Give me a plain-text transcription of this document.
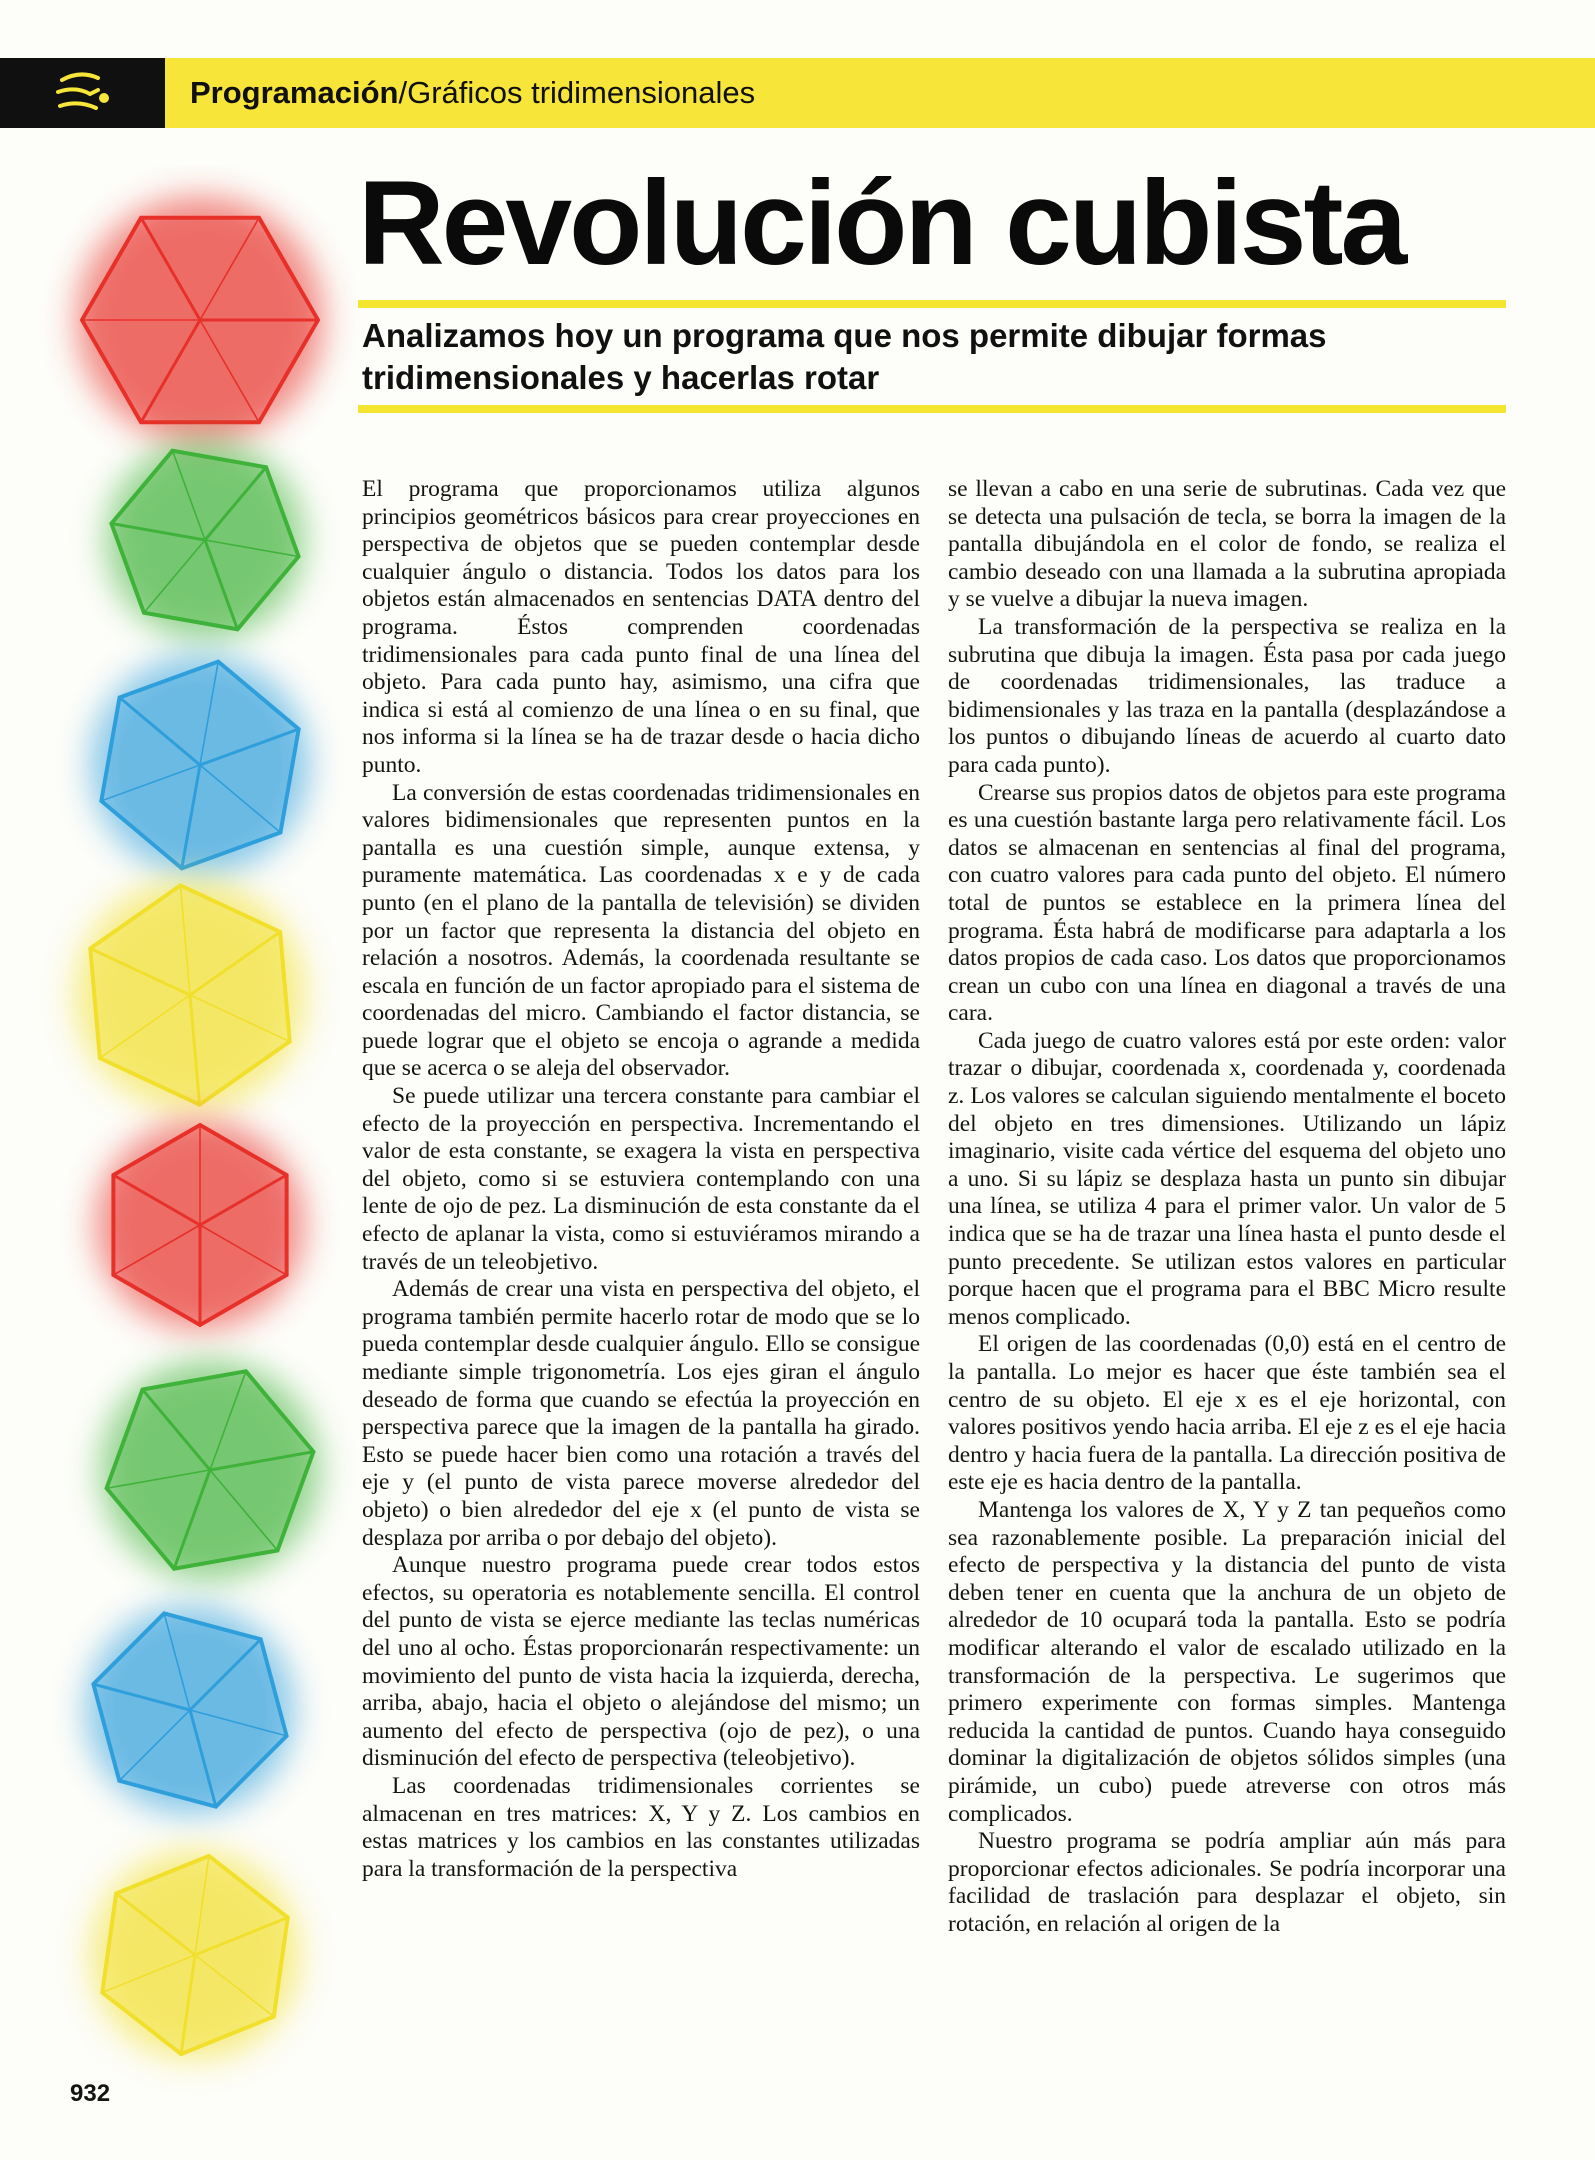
Programación/Gráficos tridimensionales
Revolución cubista

Analizamos hoy un programa que nos permite dibujar formas tridimensionales y hacerlas rotar

El programa que proporcionamos utiliza algunos principios geométricos básicos para crear proyecciones en perspectiva de objetos que se pueden contemplar desde cualquier ángulo o distancia. Todos los datos para los objetos están almacenados en sentencias DATA dentro del programa. Éstos comprenden coordenadas tridimensionales para cada punto final de una línea del objeto. Para cada punto hay, asimismo, una cifra que indica si está al comienzo de una línea o en su final, que nos informa si la línea se ha de trazar desde o hacia dicho punto.

La conversión de estas coordenadas tridimensionales en valores bidimensionales que representen puntos en la pantalla es una cuestión simple, aunque extensa, y puramente matemática. Las coordenadas x e y de cada punto (en el plano de la pantalla de televisión) se dividen por un factor que representa la distancia del objeto en relación a nosotros. Además, la coordenada resultante se escala en función de un factor apropiado para el sistema de coordenadas del micro. Cambiando el factor distancia, se puede lograr que el objeto se encoja o agrande a medida que se acerca o se aleja del observador.

Se puede utilizar una tercera constante para cambiar el efecto de la proyección en perspectiva. Incrementando el valor de esta constante, se exagera la vista en perspectiva del objeto, como si se estuviera contemplando con una lente de ojo de pez. La disminución de esta constante da el efecto de aplanar la vista, como si estuviéramos mirando a través de un teleobjetivo.

Además de crear una vista en perspectiva del objeto, el programa también permite hacerlo rotar de modo que se lo pueda contemplar desde cualquier ángulo. Ello se consigue mediante simple trigonometría. Los ejes giran el ángulo deseado de forma que cuando se efectúa la proyección en perspectiva parece que la imagen de la pantalla ha girado. Esto se puede hacer bien como una rotación a través del eje y (el punto de vista parece moverse alrededor del objeto) o bien alrededor del eje x (el punto de vista se desplaza por arriba o por debajo del objeto).

Aunque nuestro programa puede crear todos estos efectos, su operatoria es notablemente sencilla. El control del punto de vista se ejerce mediante las teclas numéricas del uno al ocho. Éstas proporcionarán respectivamente: un movimiento del punto de vista hacia la izquierda, derecha, arriba, abajo, hacia el objeto o alejándose del mismo; un aumento del efecto de perspectiva (ojo de pez), o una disminución del efecto de perspectiva (teleobjetivo).

Las coordenadas tridimensionales corrientes se almacenan en tres matrices: X, Y y Z. Los cambios en estas matrices y los cambios en las constantes utilizadas para la transformación de la perspectiva

se llevan a cabo en una serie de subrutinas. Cada vez que se detecta una pulsación de tecla, se borra la imagen de la pantalla dibujándola en el color de fondo, se realiza el cambio deseado con una llamada a la subrutina apropiada y se vuelve a dibujar la nueva imagen.

La transformación de la perspectiva se realiza en la subrutina que dibuja la imagen. Ésta pasa por cada juego de coordenadas tridimensionales, las traduce a bidimensionales y las traza en la pantalla (desplazándose a los puntos o dibujando líneas de acuerdo al cuarto dato para cada punto).

Crearse sus propios datos de objetos para este programa es una cuestión bastante larga pero relativamente fácil. Los datos se almacenan en sentencias al final del programa, con cuatro valores para cada punto del objeto. El número total de puntos se establece en la primera línea del programa. Ésta habrá de modificarse para adaptarla a los datos propios de cada caso. Los datos que proporcionamos crean un cubo con una línea en diagonal a través de una cara.

Cada juego de cuatro valores está por este orden: valor trazar o dibujar, coordenada x, coordenada y, coordenada z. Los valores se calculan siguiendo mentalmente el boceto del objeto en tres dimensiones. Utilizando un lápiz imaginario, visite cada vértice del esquema del objeto uno a uno. Si su lápiz se desplaza hasta un punto sin dibujar una línea, se utiliza 4 para el primer valor. Un valor de 5 indica que se ha de trazar una línea hasta el punto desde el punto precedente. Se utilizan estos valores en particular porque hacen que el programa para el BBC Micro resulte menos complicado.

El origen de las coordenadas (0,0) está en el centro de la pantalla. Lo mejor es hacer que éste también sea el centro de su objeto. El eje x es el eje horizontal, con valores positivos yendo hacia arriba. El eje z es el eje hacia dentro y hacia fuera de la pantalla. La dirección positiva de este eje es hacia dentro de la pantalla.

Mantenga los valores de X, Y y Z tan pequeños como sea razonablemente posible. La preparación inicial del efecto de perspectiva y la distancia del punto de vista deben tener en cuenta que la anchura de un objeto de alrededor de 10 ocupará toda la pantalla. Esto se podría modificar alterando el valor de escalado utilizado en la transformación de la perspectiva. Le sugerimos que primero experimente con formas simples. Mantenga reducida la cantidad de puntos. Cuando haya conseguido dominar la digitalización de objetos sólidos simples (una pirámide, un cubo) puede atreverse con otros más complicados.

Nuestro programa se podría ampliar aún más para proporcionar efectos adicionales. Se podría incorporar una facilidad de traslación para desplazar el objeto, sin rotación, en relación al origen de la

932
